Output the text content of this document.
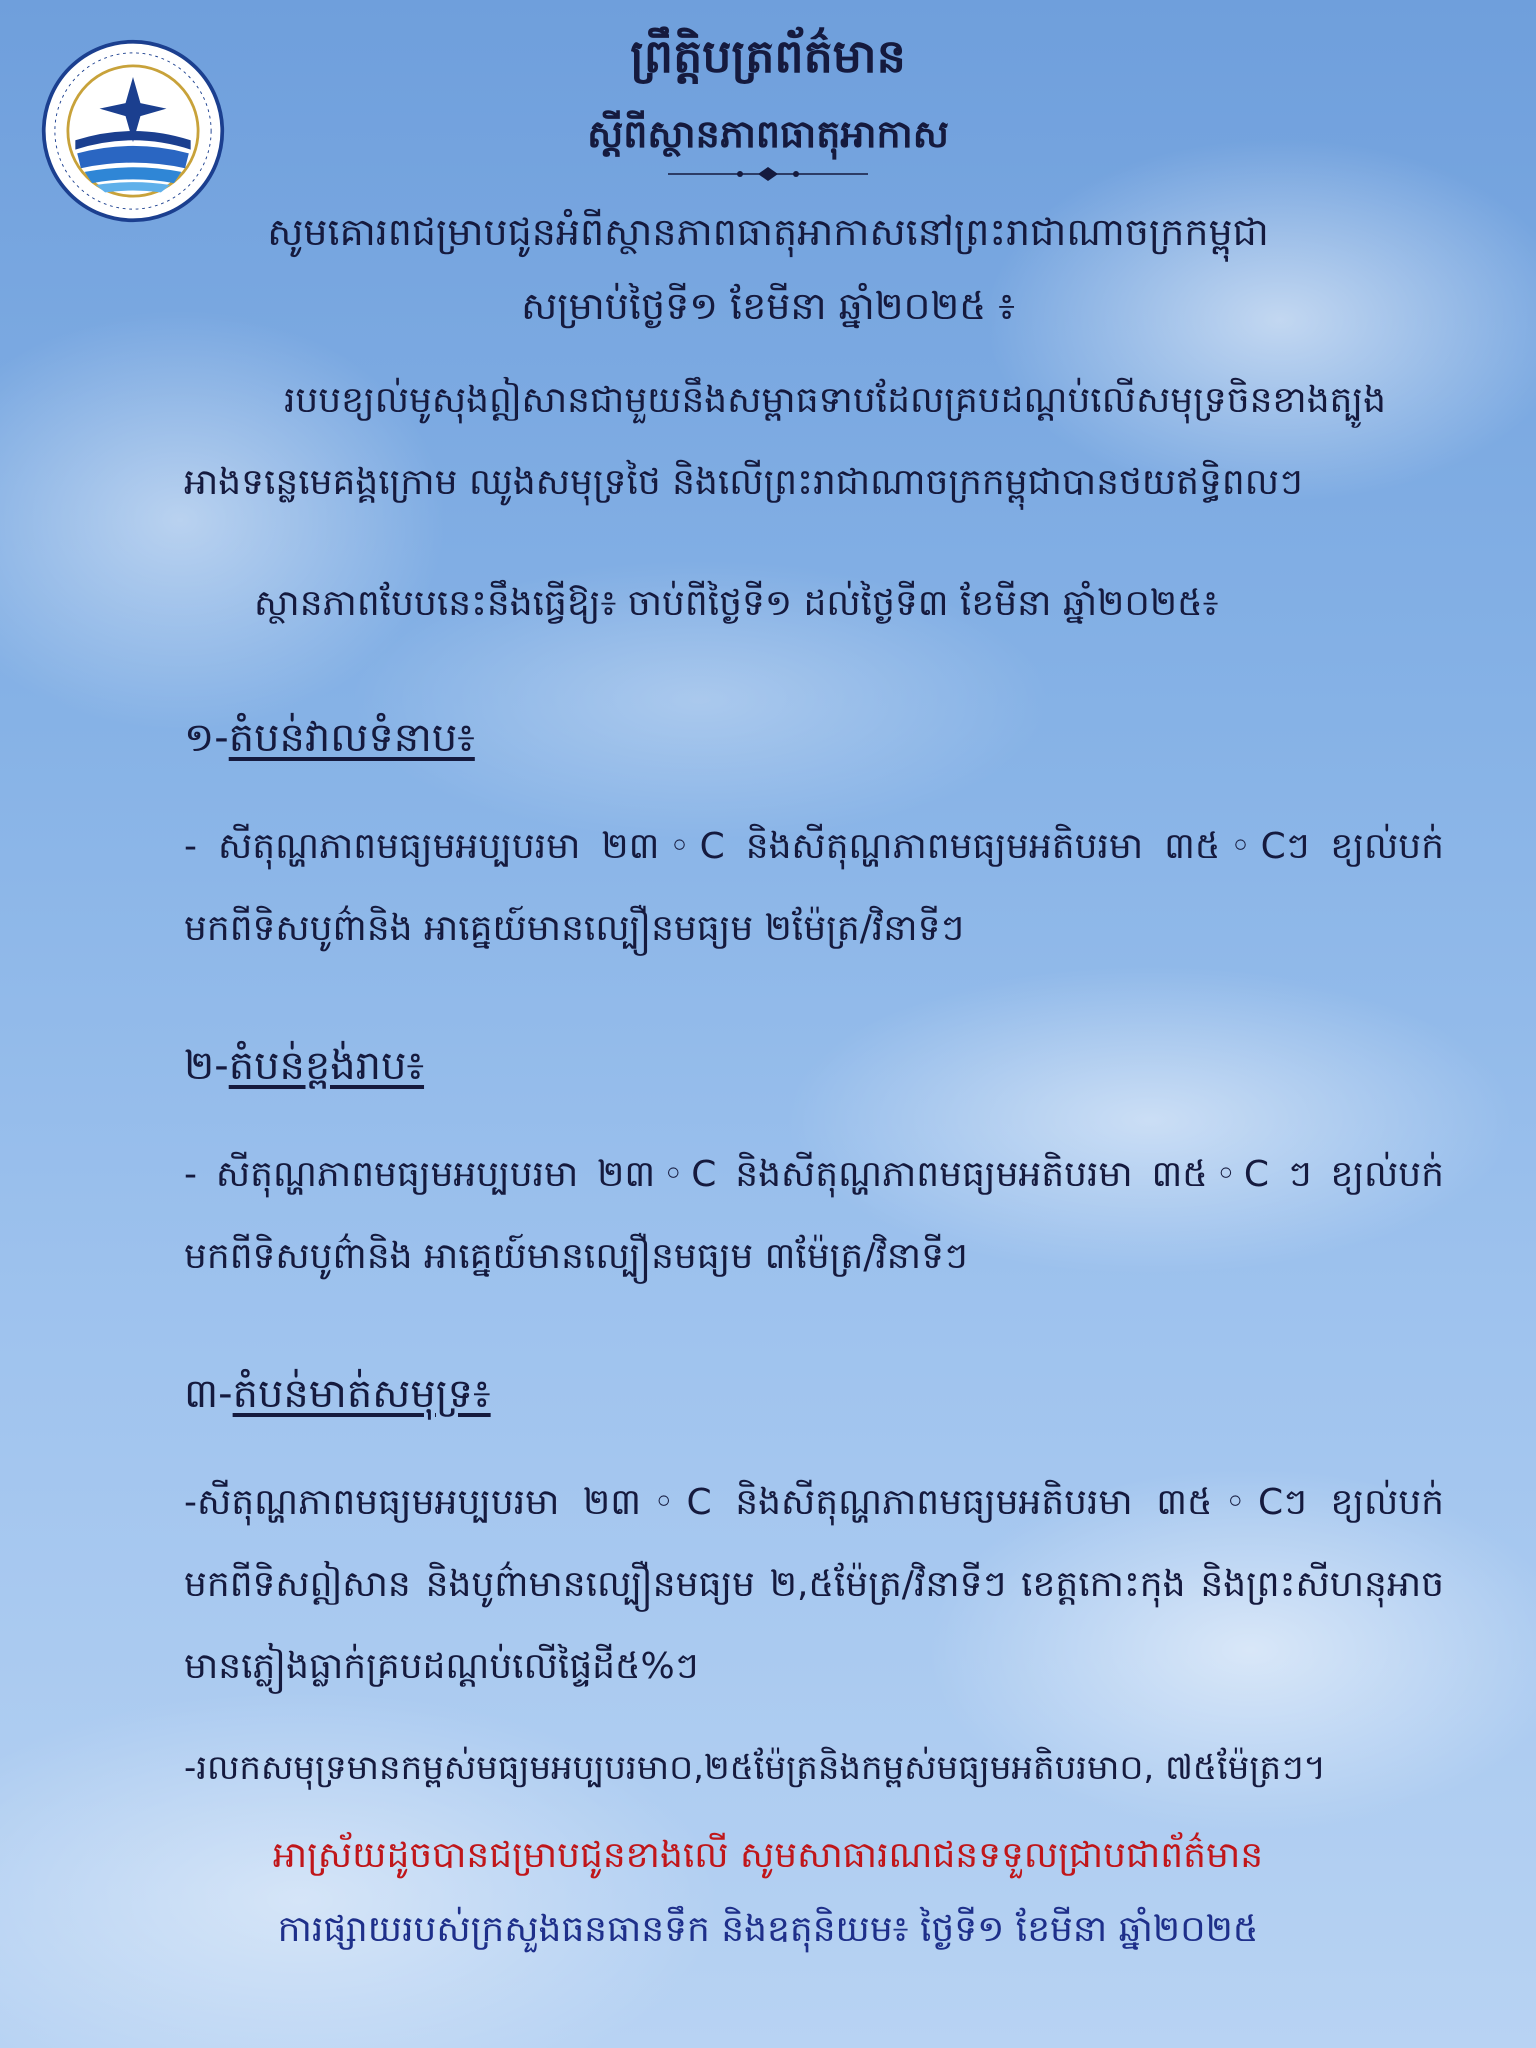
ព្រឹត្តិបត្រព័ត៌មាន
ស្ដីពីស្ថានភាពធាតុអាកាស
សូមគោរពជម្រាបជូនអំពីស្ថានភាពធាតុអាកាសនៅព្រះរាជាណាចក្រកម្ពុជា
សម្រាប់ថ្ងៃទី១ ខែមីនា ឆ្នាំ២០២៥ ៖
របបខ្យល់មូសុងឦសានជាមួយនឹងសម្ពាធទាបដែលគ្របដណ្ដប់លើសមុទ្រចិនខាងត្បូង អាងទន្លេមេគង្គក្រោម ឈូងសមុទ្រថៃ និងលើព្រះរាជាណាចក្រកម្ពុជាបានថយឥទ្ធិពលៗ
ស្ថានភាពបែបនេះនឹងធ្វើឱ្យ៖ ចាប់ពីថ្ងៃទី១ ដល់ថ្ងៃទី៣ ខែមីនា ឆ្នាំ២០២៥៖
១-តំបន់វាលទំនាប៖
- សីតុណ្ហភាពមធ្យមអប្បបរមា ២៣◦C និងសីតុណ្ហភាពមធ្យមអតិបរមា ៣៥◦Cៗ ខ្យល់បក់មកពីទិសបូព៌ានិង អាគ្នេយ៍មានល្បឿនមធ្យម ២ម៉ែត្រ/វិនាទីៗ
២-តំបន់ខ្ពង់រាប៖
- សីតុណ្ហភាពមធ្យមអប្បបរមា ២៣◦C និងសីតុណ្ហភាពមធ្យមអតិបរមា ៣៥◦C ៗ ខ្យល់បក់មកពីទិសបូព៌ានិង អាគ្នេយ៍មានល្បឿនមធ្យម ៣ម៉ែត្រ/វិនាទីៗ
៣-តំបន់មាត់សមុទ្រ៖
-សីតុណ្ហភាពមធ្យមអប្បបរមា ២៣◦C និងសីតុណ្ហភាពមធ្យមអតិបរមា ៣៥◦Cៗ ខ្យល់បក់មកពីទិសឦសាន និងបូព៌ាមានល្បឿនមធ្យម ២,៥ម៉ែត្រ/វិនាទីៗ ខេត្តកោះកុង និងព្រះសីហនុអាចមានភ្លៀងធ្លាក់គ្របដណ្ដប់លើផ្ទៃដី៥%ៗ
-រលកសមុទ្រមានកម្ពស់មធ្យមអប្បបរមា០,២៥ម៉ែត្រនិងកម្ពស់មធ្យមអតិបរមា០, ៧៥ម៉ែត្រៗ។
អាស្រ័យដូចបានជម្រាបជូនខាងលើ សូមសាធារណជនទទួលជ្រាបជាព័ត៌មាន
ការផ្សាយរបស់ក្រសួងធនធានទឹក និងឧតុនិយម៖ ថ្ងៃទី១ ខែមីនា ឆ្នាំ២០២៥
